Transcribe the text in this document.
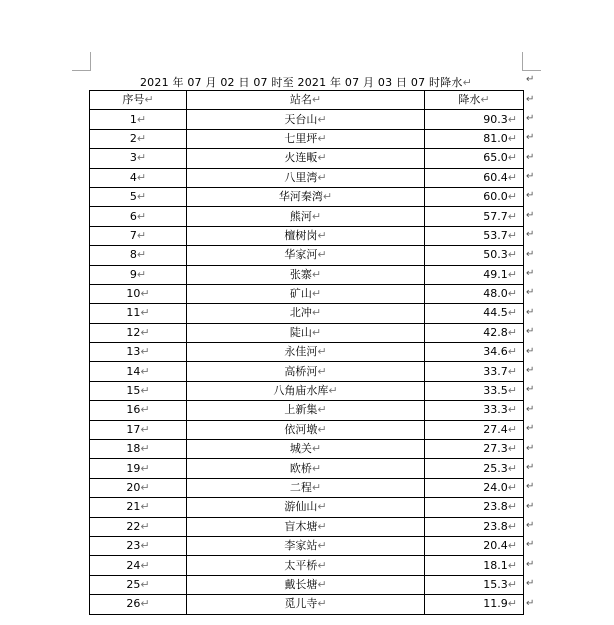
2021 年 07 月 02 日 07 时至 2021 年 07 月 03 日 07 时降水↵
序号↵	站名↵	降水↵
1↵	天台山↵	90.3↵
2↵	七里坪↵	81.0↵
3↵	火连畈↵	65.0↵
4↵	八里湾↵	60.4↵
5↵	华河秦湾↵	60.0↵
6↵	熊河↵	57.7↵
7↵	檀树岗↵	53.7↵
8↵	华家河↵	50.3↵
9↵	张寨↵	49.1↵
10↵	矿山↵	48.0↵
11↵	北冲↵	44.5↵
12↵	陡山↵	42.8↵
13↵	永佳河↵	34.6↵
14↵	高桥河↵	33.7↵
15↵	八角庙水库↵	33.5↵
16↵	上新集↵	33.3↵
17↵	依河墩↵	27.4↵
18↵	城关↵	27.3↵
19↵	欧桥↵	25.3↵
20↵	二程↵	24.0↵
21↵	游仙山↵	23.8↵
22↵	盲木塘↵	23.8↵
23↵	李家站↵	20.4↵
24↵	太平桥↵	18.1↵
25↵	戴长塘↵	15.3↵
26↵	觅儿寺↵	11.9↵
↵
↵
↵
↵
↵
↵
↵
↵
↵
↵
↵
↵
↵
↵
↵
↵
↵
↵
↵
↵
↵
↵
↵
↵
↵
↵
↵
↵
